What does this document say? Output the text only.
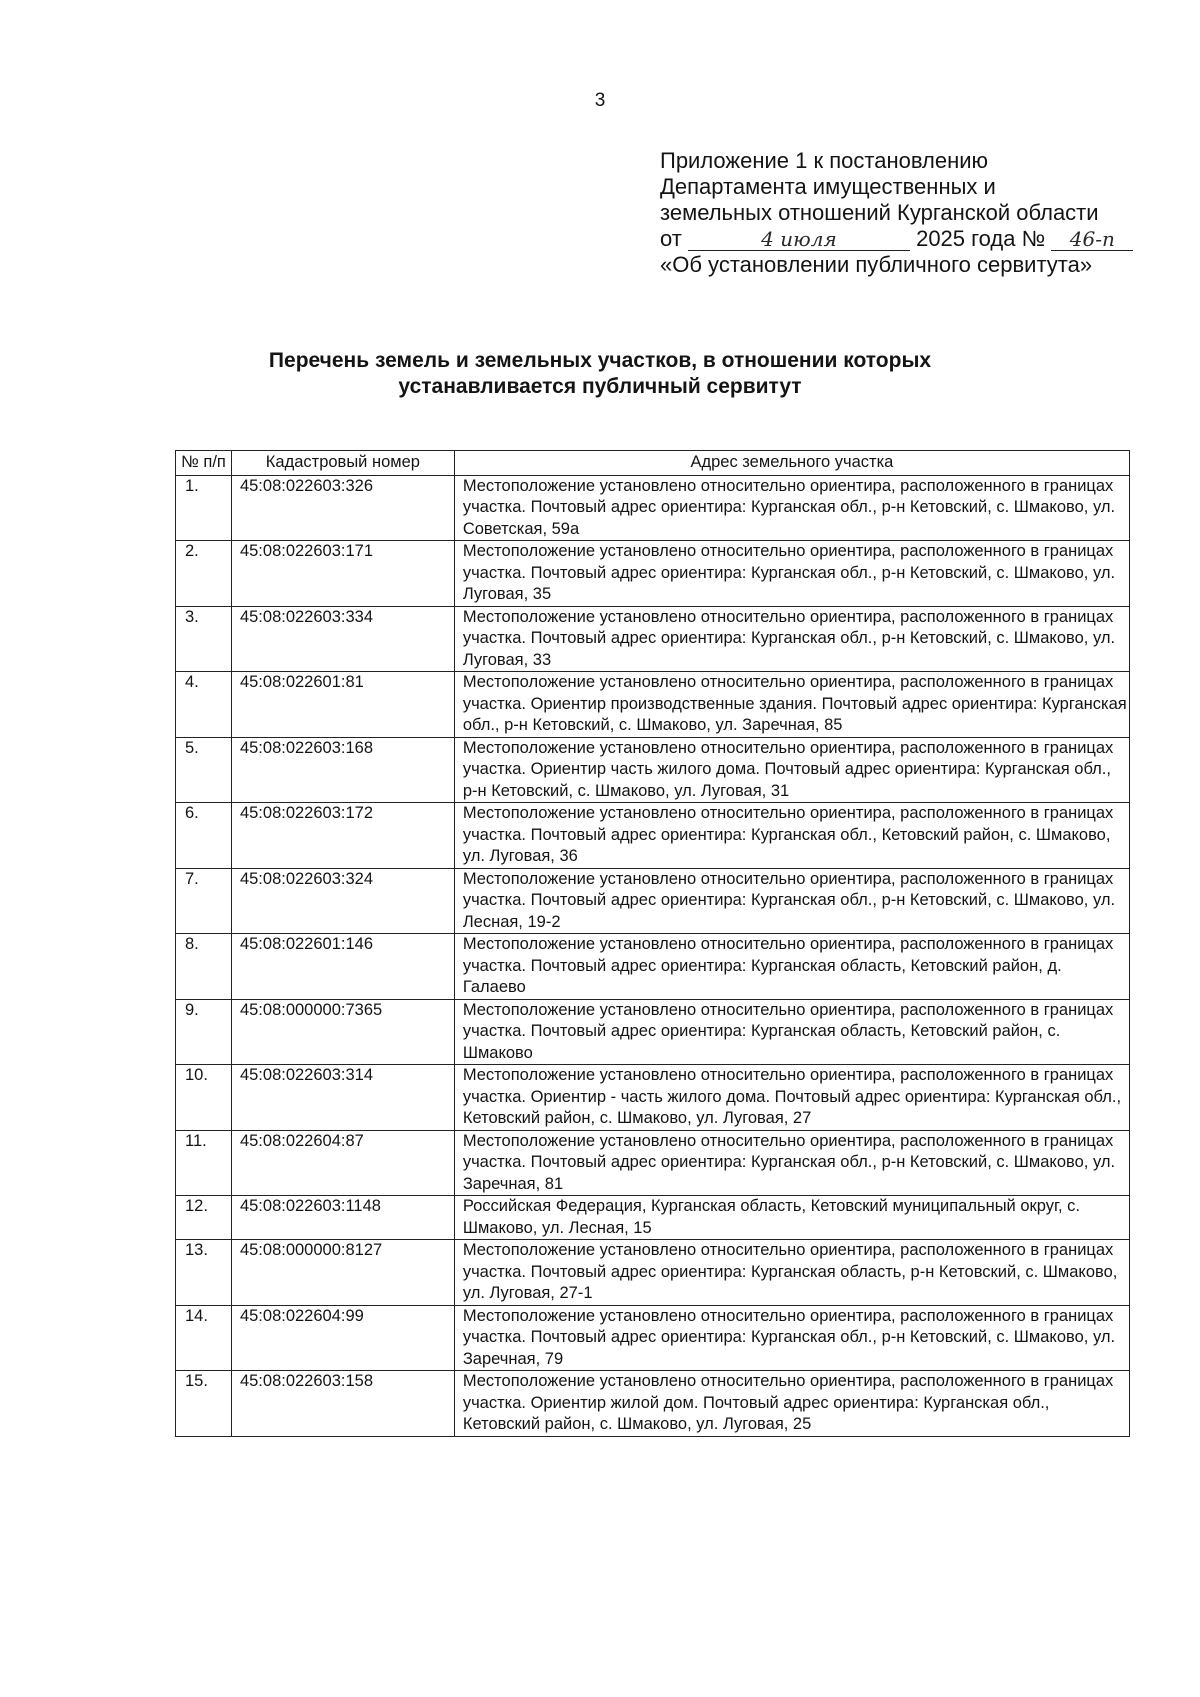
3
Приложение 1 к постановлению
Департамента имущественных и
земельных отношений Курганской области
от	4 июля	2025 года № 46-п
«Об установлении публичного сервитута»
Перечень земель и земельных участков, в отношении которых
устанавливается публичный сервитут
№ п/п	Кадастровый номер	Адрес земельного участка
1.	45:08:022603:326	Местоположение установлено относительно ориентира, расположенного в границах участка. Почтовый адрес ориентира: Курганская обл., р-н Кетовский, с. Шмаково, ул. Советская, 59а
2.	45:08:022603:171	Местоположение установлено относительно ориентира, расположенного в границах участка. Почтовый адрес ориентира: Курганская обл., р-н Кетовский, с. Шмаково, ул. Луговая, 35
3.	45:08:022603:334	Местоположение установлено относительно ориентира, расположенного в границах участка. Почтовый адрес ориентира: Курганская обл., р-н Кетовский, с. Шмаково, ул. Луговая, 33
4.	45:08:022601:81	Местоположение установлено относительно ориентира, расположенного в границах участка. Ориентир производственные здания. Почтовый адрес ориентира: Курганская обл., р-н Кетовский, с. Шмаково, ул. Заречная, 85
5.	45:08:022603:168	Местоположение установлено относительно ориентира, расположенного в границах участка. Ориентир часть жилого дома. Почтовый адрес ориентира: Курганская обл., р-н Кетовский, с. Шмаково, ул. Луговая, 31
6.	45:08:022603:172	Местоположение установлено относительно ориентира, расположенного в границах участка. Почтовый адрес ориентира: Курганская обл., Кетовский район, с. Шмаково, ул. Луговая, 36
7.	45:08:022603:324	Местоположение установлено относительно ориентира, расположенного в границах участка. Почтовый адрес ориентира: Курганская обл., р-н Кетовский, с. Шмаково, ул. Лесная, 19-2
8.	45:08:022601:146	Местоположение установлено относительно ориентира, расположенного в границах участка. Почтовый адрес ориентира: Курганская область, Кетовский район, д. Галаево
9.	45:08:000000:7365	Местоположение установлено относительно ориентира, расположенного в границах участка. Почтовый адрес ориентира: Курганская область, Кетовский район, с. Шмаково
10.	45:08:022603:314	Местоположение установлено относительно ориентира, расположенного в границах участка. Ориентир - часть жилого дома. Почтовый адрес ориентира: Курганская обл., Кетовский район, с. Шмаково, ул. Луговая, 27
11.	45:08:022604:87	Местоположение установлено относительно ориентира, расположенного в границах участка. Почтовый адрес ориентира: Курганская обл., р-н Кетовский, с. Шмаково, ул. Заречная, 81
12.	45:08:022603:1148	Российская Федерация, Курганская область, Кетовский муниципальный округ, с. Шмаково, ул. Лесная, 15
13.	45:08:000000:8127	Местоположение установлено относительно ориентира, расположенного в границах участка. Почтовый адрес ориентира: Курганская область, р-н Кетовский, с. Шмаково, ул. Луговая, 27-1
14.	45:08:022604:99	Местоположение установлено относительно ориентира, расположенного в границах участка. Почтовый адрес ориентира: Курганская обл., р-н Кетовский, с. Шмаково, ул. Заречная, 79
15.	45:08:022603:158	Местоположение установлено относительно ориентира, расположенного в границах участка. Ориентир жилой дом. Почтовый адрес ориентира: Курганская обл., Кетовский район, с. Шмаково, ул. Луговая, 25
